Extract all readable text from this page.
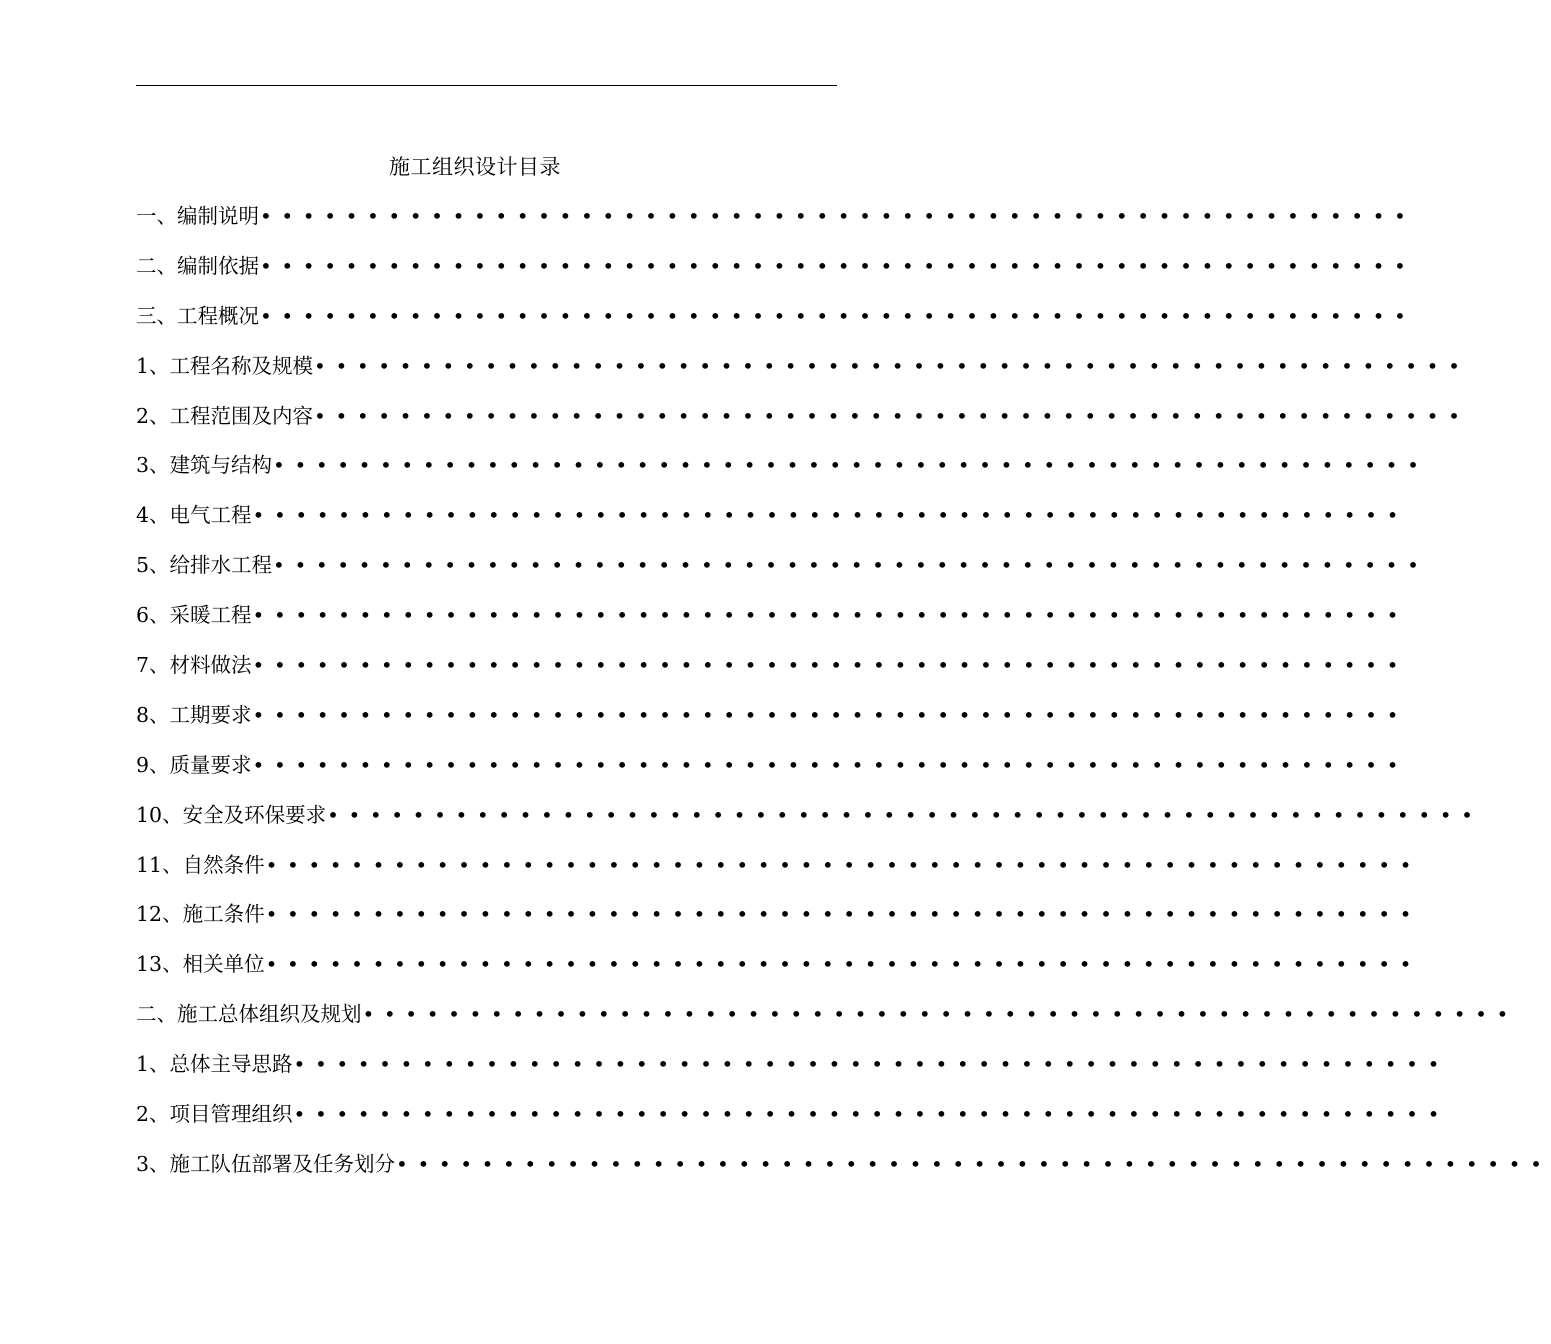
施工组织设计目录
一、编制说明 ••••••••••••••••••••••••••••••••••••••••••••••••••••••
二、编制依据 ••••••••••••••••••••••••••••••••••••••••••••••••••••••
三、工程概况 ••••••••••••••••••••••••••••••••••••••••••••••••••••••
1、工程名称及规模 ••••••••••••••••••••••••••••••••••••••••••••••••••••••
2、工程范围及内容 ••••••••••••••••••••••••••••••••••••••••••••••••••••••
3、建筑与结构 ••••••••••••••••••••••••••••••••••••••••••••••••••••••
4、电气工程 ••••••••••••••••••••••••••••••••••••••••••••••••••••••
5、给排水工程 ••••••••••••••••••••••••••••••••••••••••••••••••••••••
6、采暖工程 ••••••••••••••••••••••••••••••••••••••••••••••••••••••
7、材料做法 ••••••••••••••••••••••••••••••••••••••••••••••••••••••
8、工期要求 ••••••••••••••••••••••••••••••••••••••••••••••••••••••
9、质量要求 ••••••••••••••••••••••••••••••••••••••••••••••••••••••
10、安全及环保要求 ••••••••••••••••••••••••••••••••••••••••••••••••••••••
11、自然条件 ••••••••••••••••••••••••••••••••••••••••••••••••••••••
12、施工条件 ••••••••••••••••••••••••••••••••••••••••••••••••••••••
13、相关单位 ••••••••••••••••••••••••••••••••••••••••••••••••••••••
二、施工总体组织及规划 ••••••••••••••••••••••••••••••••••••••••••••••••••••••
1、总体主导思路 ••••••••••••••••••••••••••••••••••••••••••••••••••••••
2、项目管理组织 ••••••••••••••••••••••••••••••••••••••••••••••••••••••
3、施工队伍部署及任务划分 ••••••••••••••••••••••••••••••••••••••••••••••••••••••
